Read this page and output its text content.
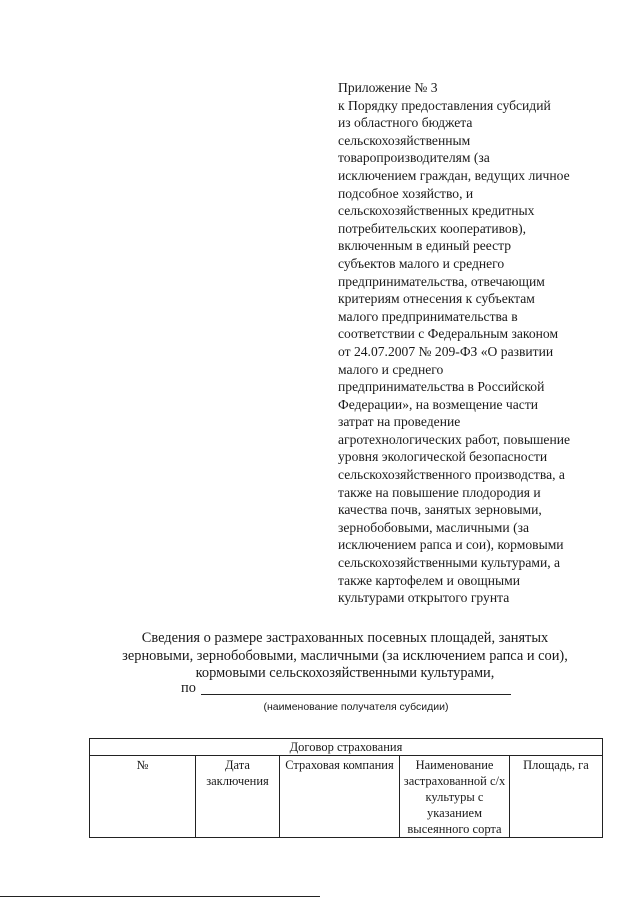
Приложение № 3
к Порядку предоставления субсидий
из областного бюджета
сельскохозяйственным
товаропроизводителям (за
исключением граждан, ведущих личное
подсобное хозяйство, и
сельскохозяйственных кредитных
потребительских кооперативов),
включенным в единый реестр
субъектов малого и среднего
предпринимательства, отвечающим
критериям отнесения к субъектам
малого предпринимательства в
соответствии с Федеральным законом
от 24.07.2007 № 209-ФЗ «О развитии
малого и среднего
предпринимательства в Российской
Федерации», на возмещение части
затрат на проведение
агротехнологических работ, повышение
уровня экологической безопасности
сельскохозяйственного производства, а
также на повышение плодородия и
качества почв, занятых зерновыми,
зернобобовыми, масличными (за
исключением рапса и сои), кормовыми
сельскохозяйственными культурами, а
также картофелем и овощными
культурами открытого грунта
Сведения о размере застрахованных посевных площадей, занятых
зерновыми, зернобобовыми, масличными (за исключением рапса и сои),
кормовыми сельскохозяйственными культурами,
по
(наименование получателя субсидии)
Договор страхования
№	Дата заключения	Страховая компания	Наименование застрахованной с/х культуры с указанием высеянного сорта	Площадь, га
